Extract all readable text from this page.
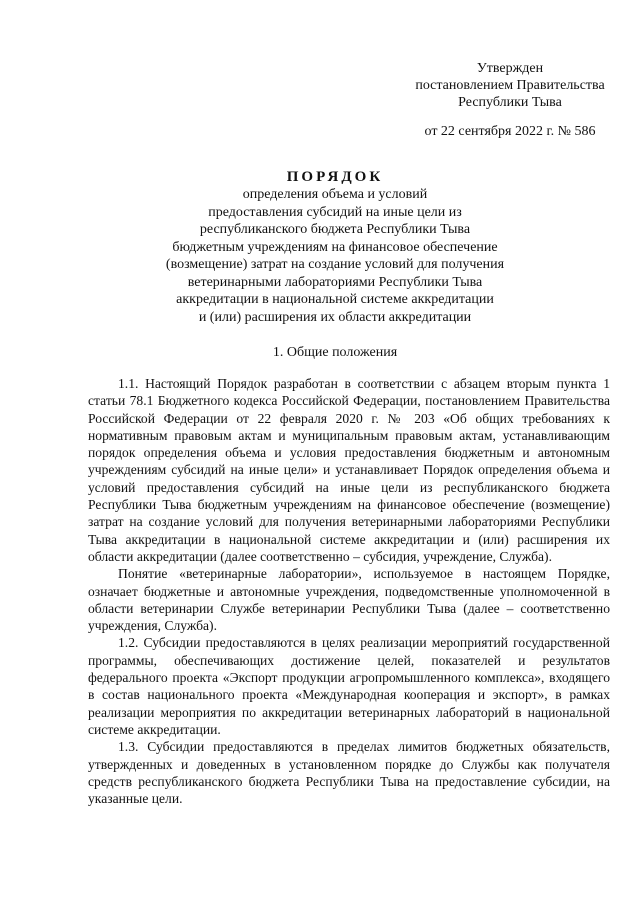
Утвержден
постановлением Правительства
Республики Тыва
от 22 сентября 2022 г. № 586
ПОРЯДОК
определения объема и условий
предоставления субсидий на иные цели из
республиканского бюджета Республики Тыва
бюджетным учреждениям на финансовое обеспечение
(возмещение) затрат на создание условий для получения
ветеринарными лабораториями Республики Тыва
аккредитации в национальной системе аккредитации
и (или) расширения их области аккредитации
1. Общие положения

1.1. Настоящий Порядок разработан в соответствии с абзацем вторым пункта 1 статьи 78.1 Бюджетного кодекса Российской Федерации, постановлением Правительства Российской Федерации от 22 февраля 2020 г. № 203 «Об общих требованиях к нормативным правовым актам и муниципальным правовым актам, устанавливающим порядок определения объема и условия предоставления бюджетным и автономным учреждениям субсидий на иные цели» и устанавливает Порядок определения объема и условий предоставления субсидий на иные цели из республиканского бюджета Республики Тыва бюджетным учреждениям на финансовое обеспечение (возмещение) затрат на создание условий для получения ветеринарными лабораториями Республики Тыва аккредитации в национальной системе аккредитации и (или) расширения их области аккредитации (далее соответственно – субсидия, учреждение, Служба).

Понятие «ветеринарные лаборатории», используемое в настоящем Порядке, означает бюджетные и автономные учреждения, подведомственные уполномоченной в области ветеринарии Службе ветеринарии Республики Тыва (далее – соответственно учреждения, Служба).

1.2. Субсидии предоставляются в целях реализации мероприятий государственной программы, обеспечивающих достижение целей, показателей и результатов федерального проекта «Экспорт продукции агропромышленного комплекса», входящего в состав национального проекта «Международная кооперация и экспорт», в рамках реализации мероприятия по аккредитации ветеринарных лабораторий в национальной системе аккредитации.

1.3. Субсидии предоставляются в пределах лимитов бюджетных обязательств, утвержденных и доведенных в установленном порядке до Службы как получателя средств республиканского бюджета Республики Тыва на предоставление субсидии, на указанные цели.
